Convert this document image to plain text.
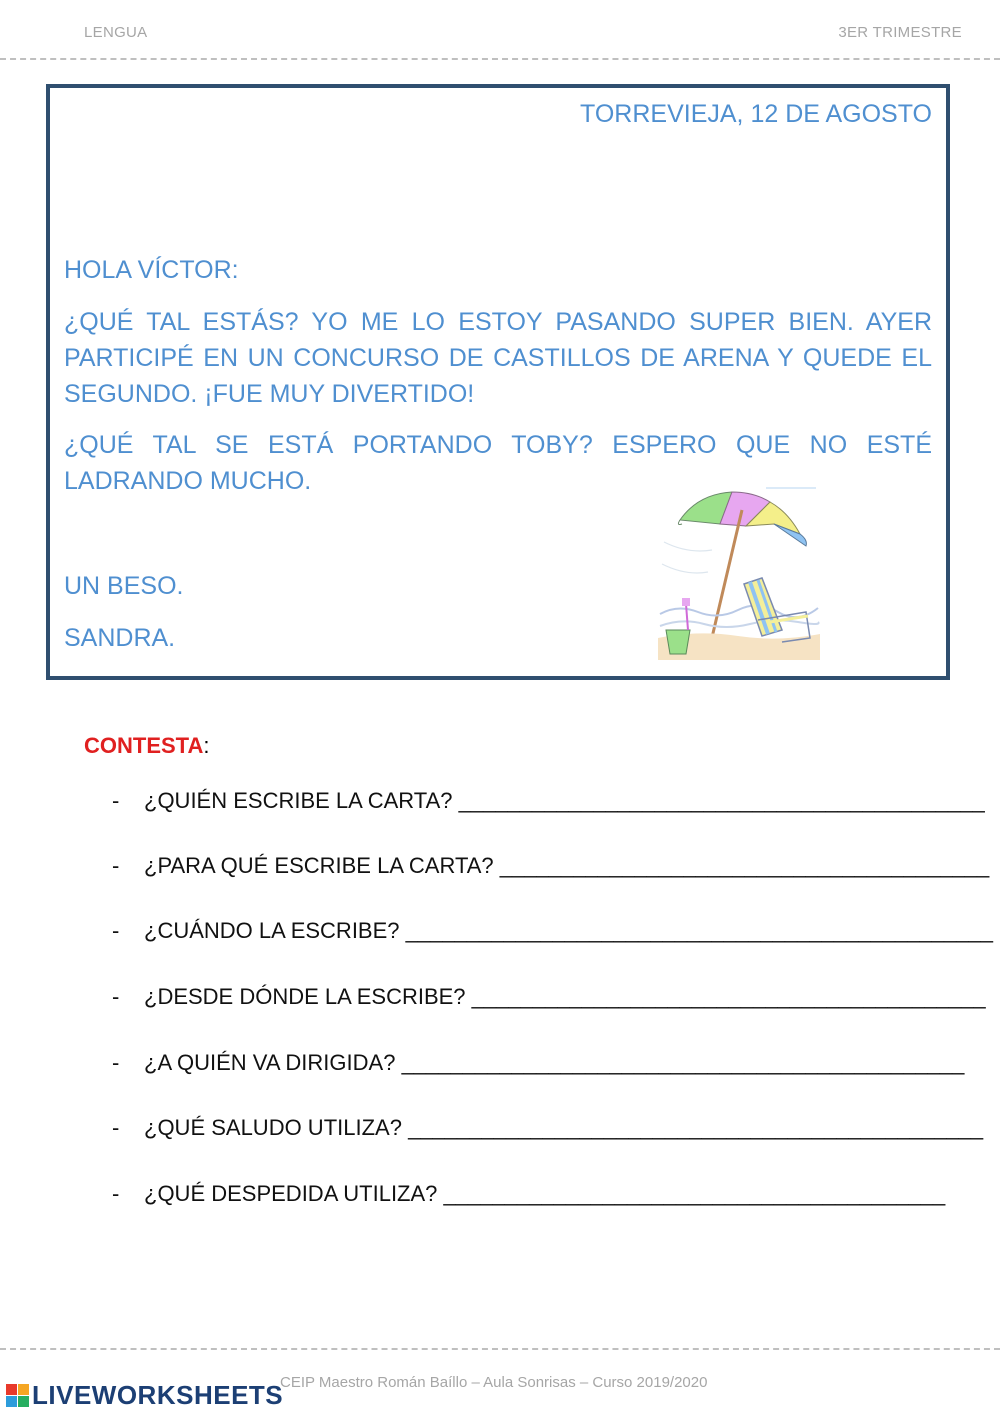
LENGUA	3ER TRIMESTRE
TORREVIEJA, 12 DE AGOSTO
HOLA VÍCTOR:
¿QUÉ TAL ESTÁS? YO ME LO ESTOY PASANDO SUPER BIEN. AYER PARTICIPÉ EN UN CONCURSO DE CASTILLOS DE ARENA Y QUEDE EL SEGUNDO. ¡FUE MUY DIVERTIDO!
¿QUÉ TAL SE ESTÁ PORTANDO TOBY? ESPERO QUE NO ESTÉ LADRANDO MUCHO.
UN BESO.
SANDRA.
CONTESTA:
- ¿QUIÉN ESCRIBE LA CARTA? ___________________________________________
- ¿PARA QUÉ ESCRIBE LA CARTA? ________________________________________
- ¿CUÁNDO LA ESCRIBE? ________________________________________________
- ¿DESDE DÓNDE LA ESCRIBE? __________________________________________
- ¿A QUIÉN VA DIRIGIDA? ______________________________________________
- ¿QUÉ SALUDO UTILIZA? _______________________________________________
- ¿QUÉ DESPEDIDA UTILIZA? _________________________________________
LIVEWORKSHEETS
CEIP Maestro Román Baíllo – Aula Sonrisas – Curso 2019/2020
